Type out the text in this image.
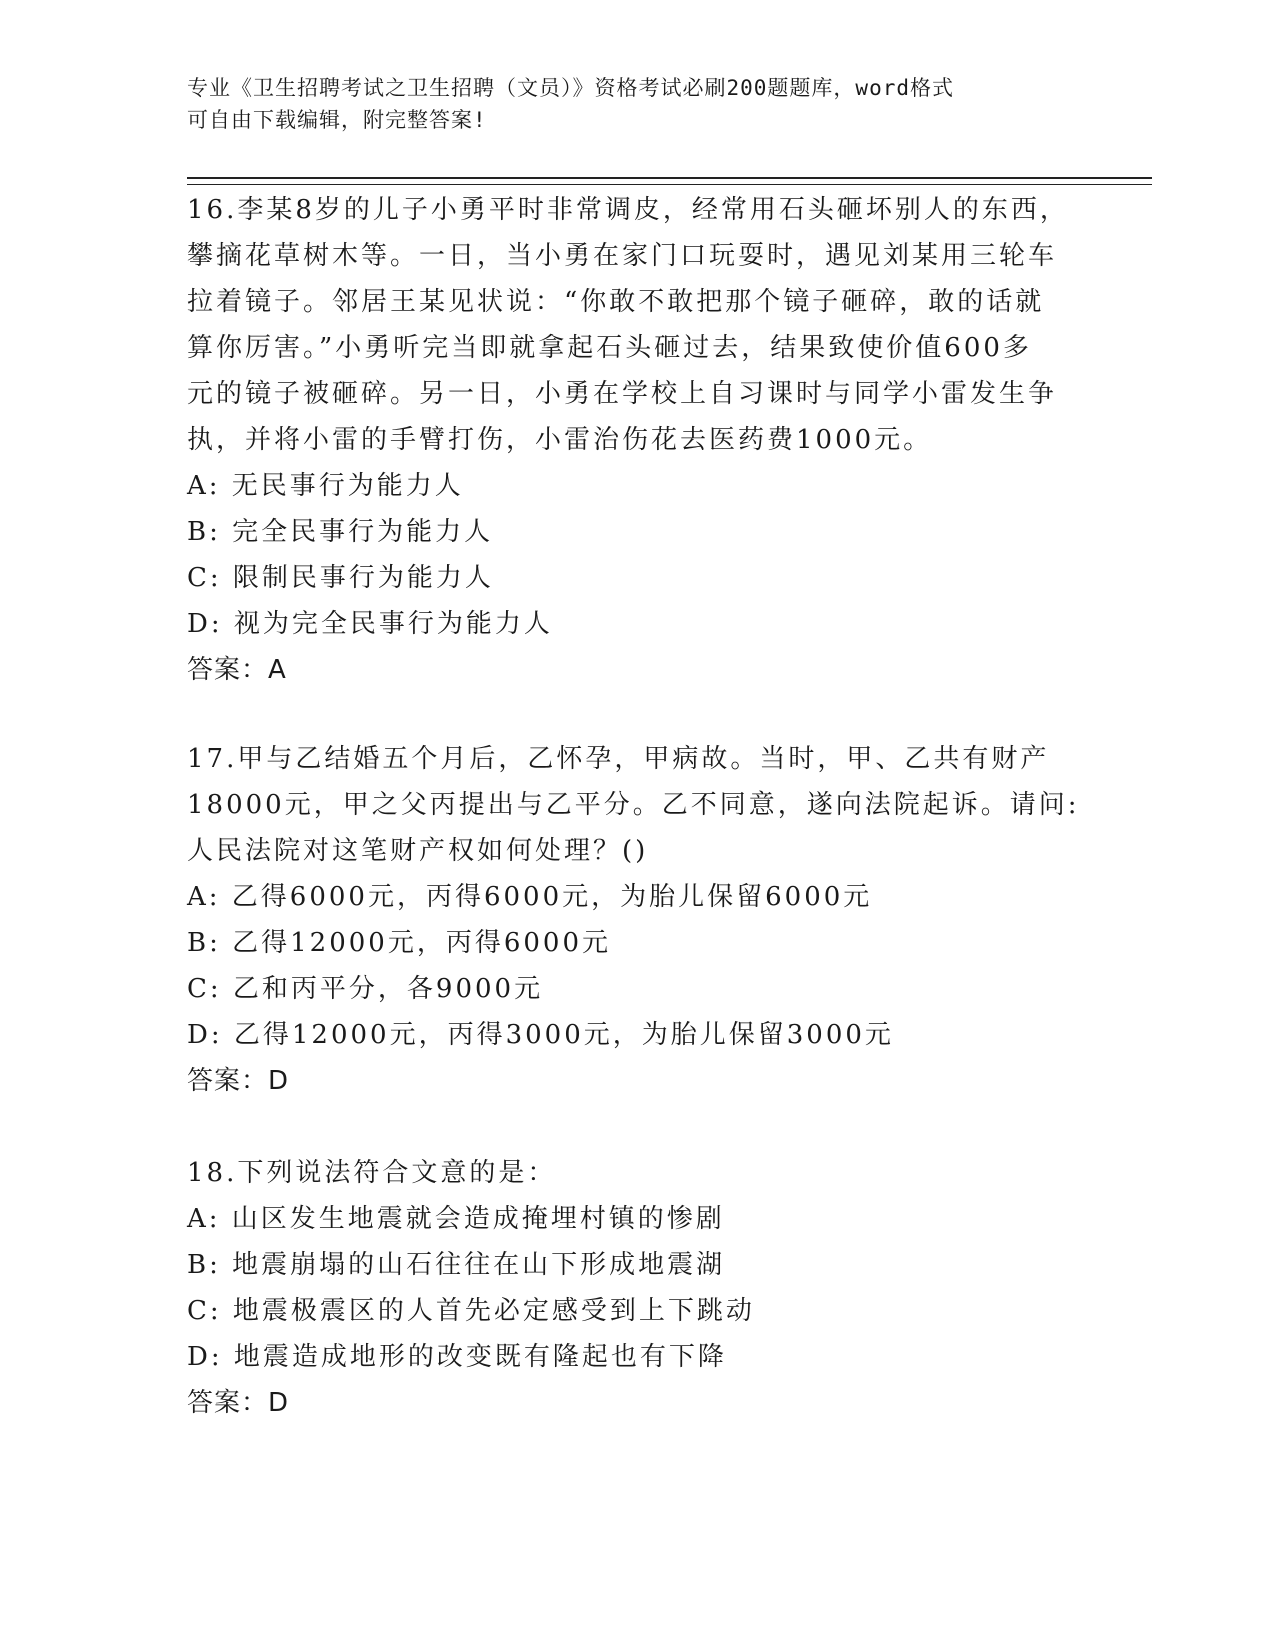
专业《卫生招聘考试之卫生招聘（文员）》资格考试必刷200题题库，word格式
可自由下载编辑，附完整答案!
16.李某8岁的儿子小勇平时非常调皮，经常用石头砸坏别人的东西，
攀摘花草树木等。一日，当小勇在家门口玩耍时，遇见刘某用三轮车
拉着镜子。邻居王某见状说：“你敢不敢把那个镜子砸碎，敢的话就
算你厉害。”小勇听完当即就拿起石头砸过去，结果致使价值600多
元的镜子被砸碎。另一日，小勇在学校上自习课时与同学小雷发生争
执，并将小雷的手臂打伤，小雷治伤花去医药费1000元。
A: 无民事行为能力人
B: 完全民事行为能力人
C: 限制民事行为能力人
D: 视为完全民事行为能力人
答案：A
17.甲与乙结婚五个月后，乙怀孕，甲病故。当时，甲、乙共有财产
18000元，甲之父丙提出与乙平分。乙不同意，遂向法院起诉。请问:
人民法院对这笔财产权如何处理？()
A: 乙得6000元，丙得6000元，为胎儿保留6000元
B: 乙得12000元，丙得6000元
C: 乙和丙平分，各9000元
D: 乙得12000元，丙得3000元，为胎儿保留3000元
答案：D
18.下列说法符合文意的是：
A: 山区发生地震就会造成掩埋村镇的惨剧
B: 地震崩塌的山石往往在山下形成地震湖
C: 地震极震区的人首先必定感受到上下跳动
D: 地震造成地形的改变既有隆起也有下降
答案：D
